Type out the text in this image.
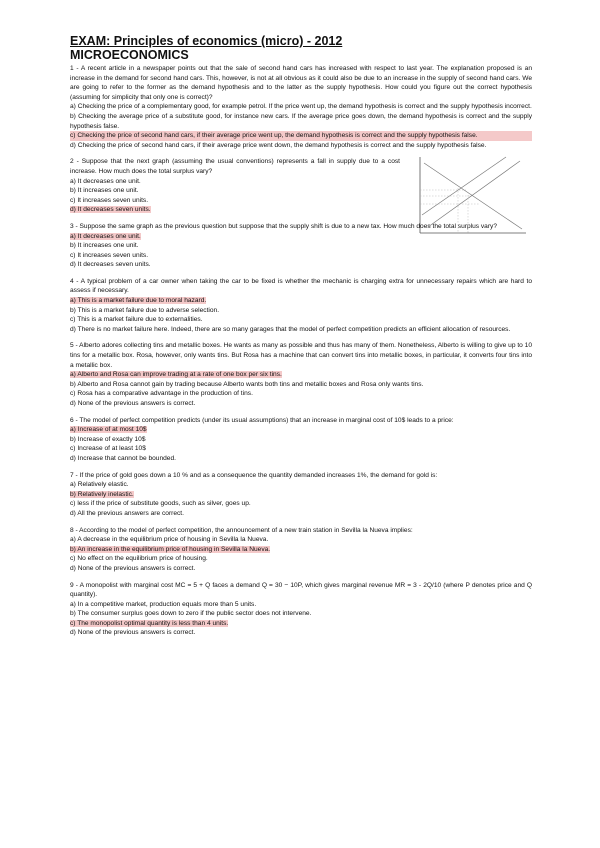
EXAM: Principles of economics (micro) - 2012

MICROECONOMICS

1 - A recent article in a newspaper points out that the sale of second hand cars has increased with respect to last year. The explanation proposed is an increase in the demand for second hand cars. This, however, is not at all obvious as it could also be due to an increase in the supply of second hand cars. We are going to refer to the former as the demand hypothesis and to the latter as the supply hypothesis. How could you figure out the correct hypothesis (assuming for simplicity that only one is correct)?

a) Checking the price of a complementary good, for example petrol. If the price went up, the demand hypothesis is correct and the supply hypothesis incorrect.

b) Checking the average price of a substitute good, for instance new cars. If the average price goes down, the demand hypothesis is correct and the supply hypothesis false.

c) Checking the price of second hand cars, if their average price went up, the demand hypothesis is correct and the supply hypothesis false.

d) Checking the price of second hand cars, if their average price went down, the demand hypothesis is correct and the supply hypothesis false.

2 - Suppose that the next graph (assuming the usual conventions) represents a fall in supply due to a cost increase. How much does the total surplus vary?

a) It decreases one unit.

b) It increases one unit.

c) It increases seven units.

d) It decreases seven units.

3 - Suppose the same graph as the previous question but suppose that the supply shift is due to a new tax. How much does the total surplus vary?

a) It decreases one unit.

b) It increases one unit.

c) It increases seven units.

d) It decreases seven units.

4 - A typical problem of a car owner when taking the car to be fixed is whether the mechanic is charging extra for unnecessary repairs which are hard to assess if necessary.

a) This is a market failure due to moral hazard.

b) This is a market failure due to adverse selection.

c) This is a market failure due to externalities.

d) There is no market failure here. Indeed, there are so many garages that the model of perfect competition predicts an efficient allocation of resources.

5 - Alberto adores collecting tins and metallic boxes. He wants as many as possible and thus has many of them. Nonetheless, Alberto is willing to give up to 10 tins for a metallic box. Rosa, however, only wants tins. But Rosa has a machine that can convert tins into metallic boxes, in particular, it converts four tins into a metallic box.

a) Alberto and Rosa can improve trading at a rate of one box per six tins.

b) Alberto and Rosa cannot gain by trading because Alberto wants both tins and metallic boxes and Rosa only wants tins.

c) Rosa has a comparative advantage in the production of tins.

d) None of the previous answers is correct.

6 - The model of perfect competition predicts (under its usual assumptions) that an increase in marginal cost of 10$ leads to a price:

a) Increase of at most 10$

b) Increase of exactly 10$

c) Increase of at least 10$

d) Increase that cannot be bounded.

7 - If the price of gold goes down a 10 % and as a consequence the quantity demanded increases 1%, the demand for gold is:

a) Relatively elastic.

b) Relatively inelastic.

c) less if the price of substitute goods, such as silver, goes up.

d) All the previous answers are correct.

8 - According to the model of perfect competition, the announcement of a new train station in Sevilla la Nueva implies:

a) A decrease in the equilibrium price of housing in Sevilla la Nueva.

b) An increase in the equilibrium price of housing in Sevilla la Nueva.

c) No effect on the equilibrium price of housing.

d) None of the previous answers is correct.

9 - A monopolist with marginal cost MC = 5 + Q faces a demand Q = 30 − 10P, which gives marginal revenue MR = 3 - 2Q/10 (where P denotes price and Q quantity).

a) In a competitive market, production equals more than 5 units.

b) The consumer surplus goes down to zero if the public sector does not intervene.

c) The monopolist optimal quantity is less than 4 units.

d) None of the previous answers is correct.
